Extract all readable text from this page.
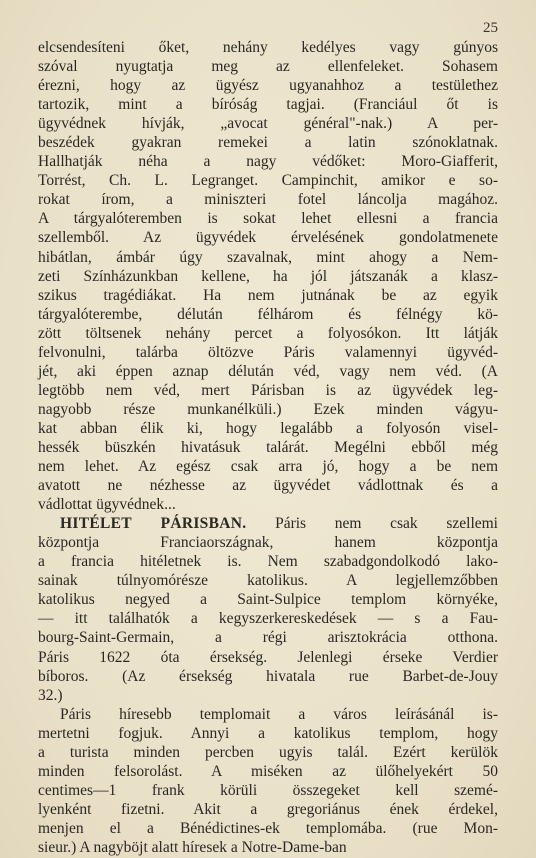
25
elcsendesíteni őket, nehány kedélyes vagy gúnyos
szóval nyugtatja meg az ellenfeleket. Sohasem
érezni, hogy az ügyész ugyanahhoz a testülethez
tartozik, mint a bíróság tagjai. (Franciául őt is
ügyvédnek hívják, „avocat général"-nak.) A per-
beszédek gyakran remekei a latin szónoklatnak.
Hallhatják néha a nagy védőket: Moro-Giafferit,
Torrést, Ch. L. Legranget. Campinchit, amikor e so-
rokat írom, a miniszteri fotel láncolja magához.
A tárgyalóteremben is sokat lehet ellesni a francia
szellemből. Az ügyvédek érvelésének gondolatmenete
hibátlan, ámbár úgy szavalnak, mint ahogy a Nem-
zeti Színházunkban kellene, ha jól játszanák a klasz-
szikus tragédiákat. Ha nem jutnának be az egyik
tárgyalóterembe, délután félhárom és félnégy kö-
zött töltsenek nehány percet a folyosókon. Itt látják
felvonulni, talárba öltözve Páris valamennyi ügyvéd-
jét, aki éppen aznap délután véd, vagy nem véd. (A
legtöbb nem véd, mert Párisban is az ügyvédek leg-
nagyobb része munkanélküli.) Ezek minden vágyu-
kat abban élik ki, hogy legalább a folyosón visel-
hessék büszkén hivatásuk talárát. Megélni ebből még
nem lehet. Az egész csak arra jó, hogy a be nem
avatott ne nézhesse az ügyvédet vádlottnak és a
vádlottat ügyvédnek...
HITÉLET PÁRISBAN. Páris nem csak szellemi
központja Franciaországnak, hanem központja
a francia hitéletnek is. Nem szabadgondolkodó lako-
sainak túlnyomórésze katolikus. A legjellemzőbben
katolikus negyed a Saint-Sulpice templom környéke,
— itt találhatók a kegyszerkereskedések — s a Fau-
bourg-Saint-Germain, a régi arisztokrácia otthona.
Páris 1622 óta érsekség. Jelenlegi érseke Verdier
bíboros. (Az érsekség hivatala rue Barbet-de-Jouy
32.)
Páris híresebb templomait a város leírásánál is-
mertetni fogjuk. Annyi a katolikus templom, hogy
a turista minden percben ugyis talál. Ezért kerülök
minden felsorolást. A miséken az ülőhelyekért 50
centimes—1 frank körüli összegeket kell szemé-
lyenként fizetni. Akit a gregoriánus ének érdekel,
menjen el a Bénédictines-ek templomába. (rue Mon-
sieur.) A nagyböjt alatt híresek a Notre-Dame-ban
